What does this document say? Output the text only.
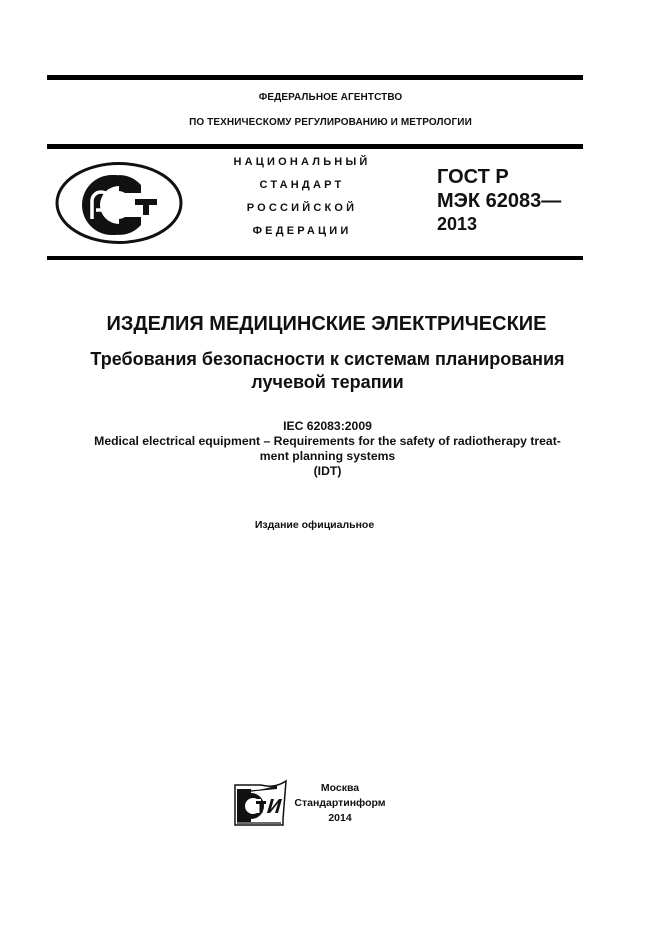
ФЕДЕРАЛЬНОЕ АГЕНТСТВО
ПО ТЕХНИЧЕСКОМУ РЕГУЛИРОВАНИЮ И МЕТРОЛОГИИ
НАЦИОНАЛЬНЫЙ
СТАНДАРТ
РОССИЙСКОЙ
ФЕДЕРАЦИИ
ГОСТ Р
МЭК 62083—
2013
ИЗДЕЛИЯ МЕДИЦИНСКИЕ ЭЛЕКТРИЧЕСКИЕ
Требования безопасности к системам планирования
лучевой терапии
IEC 62083:2009
Medical electrical equipment – Requirements for the safety of radiotherapy treat-
ment planning systems
(IDT)
Издание официальное
Москва
Стандартинформ
2014
